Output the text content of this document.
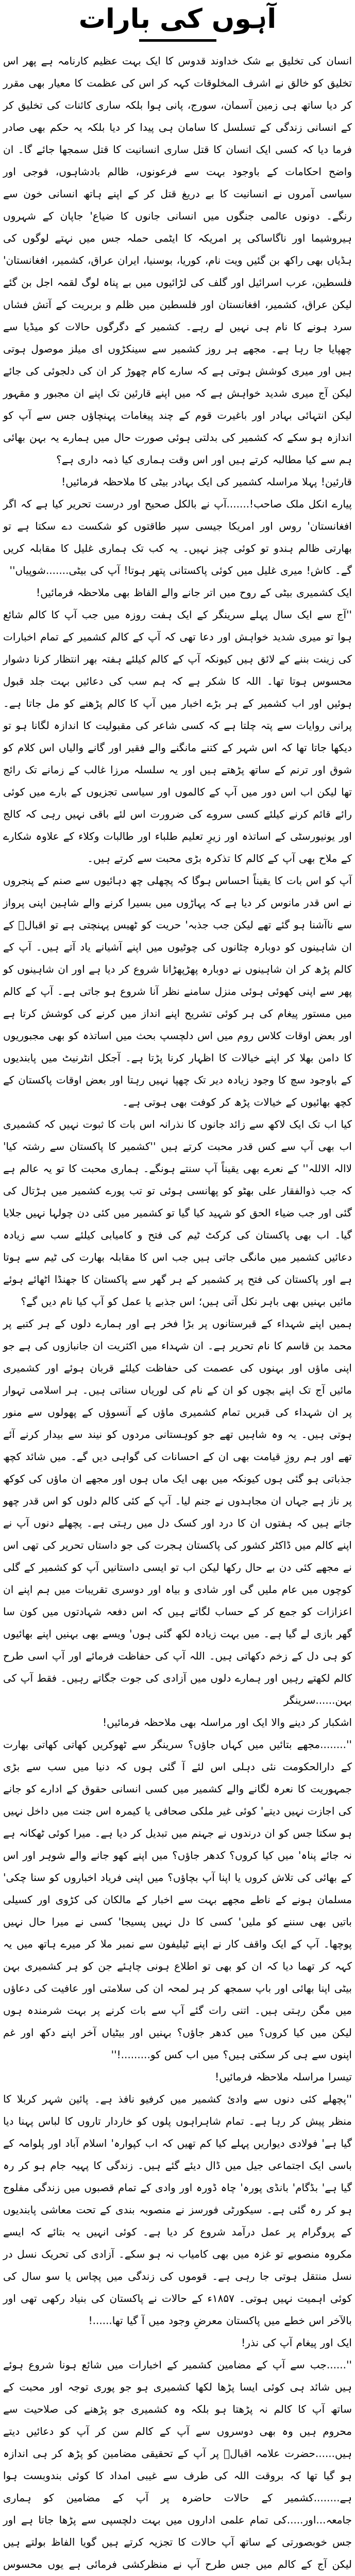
آہوں کی بارات

انسان کی تخلیق بے شک خداوند قدوس کا ایک بہت عظیم کارنامہ ہے پھر اس تخلیق کو خالق نے اشرف المخلوقات کہہ کر اس کی عظمت کا معیار بھی مقرر کر دیا ساتھ ہی زمین آسمان، سورج، پانی ہوا بلکہ ساری کائنات کی تخلیق کر کے انسانی زندگی کے تسلسل کا سامان ہی پیدا کر دیا بلکہ یہ حکم بھی صادر فرما دیا کہ کسی ایک انسان کا قتل ساری انسانیت کا قتل سمجھا جائے گا۔ ان واضح احکامات کے باوجود بہت سے فرعونوں، ظالم بادشاہوں، فوجی اور سیاسی آمروں نے انسانیت کا بے دریغ قتل کر کے اپنے ہاتھ انسانی خون سے رنگے۔ دونوں عالمی جنگوں میں انسانی جانوں کا ضیاع' جاپان کے شہروں ہیروشیما اور ناگاساکی پر امریکہ کا ایٹمی حملہ جس میں نہتے لوگوں کی ہڈیاں بھی راکھ بن گئیں ویت نام، کوریا، بوسنیا، ایران عراق، کشمیر، افغانستان' فلسطین، عرب اسرائیل اور گلف کی لڑائیوں میں بے پناہ لوگ لقمہ اجل بن گئے لیکن عراق، کشمیر، افغانستان اور فلسطین میں ظلم و بربریت کے آتش فشاں سرد ہونے کا نام ہی نہیں لے رہے۔ کشمیر کے دگرگوں حالات کو میڈیا سے چھپایا جا رہا ہے۔ مجھے ہر روز کشمیر سے سینکڑوں ای میلز موصول ہوتی ہیں اور میری کوشش ہوتی ہے کہ سارے کام چھوڑ کر ان کی دلجوئی کی جائے لیکن آج میری شدید خواہش ہے کہ میں اپنے قارئین تک اپنے ان مجبور و مقہور لیکن انتہائی بہادر اور باغیرت قوم کے چند پیغامات پہنچاؤں جس سے آپ کو اندازہ ہو سکے کہ کشمیر کی بدلتی ہوئی صورت حال میں ہمارے یہ بہن بھائی ہم سے کیا مطالبہ کرتے ہیں اور اس وقت ہماری کیا ذمہ داری ہے؟

قارئین! پہلا مراسلہ کشمیر کی ایک بہادر بیٹی کا ملاحظہ فرمائیں!

پیارے انکل ملک صاحب!.......آپ نے بالکل صحیح اور درست تحریر کیا ہے کہ اگر افغانستان' روس اور امریکا جیسی سپر طاقتوں کو شکست دے سکتا ہے تو بھارتی ظالم ہندو تو کوئی چیز نہیں۔ یہ کب تک ہماری غلیل کا مقابلہ کریں گے۔ کاش! میری غلیل میں کوئی پاکستانی پتھر ہوتا! آپ کی بیٹی.......شوپیاں''

ایک کشمیری بیٹی کے روح میں اتر جانے والے الفاظ بھی ملاحظہ فرمائیں!

''آج سے ایک سال پہلے سرینگر کے ایک ہفت روزہ میں جب آپ کا کالم شائع ہوا تو میری شدید خواہش اور دعا تھی کہ آپ کے کالم کشمیر کے تمام اخبارات کی زینت بننے کے لائق ہیں کیونکہ آپ کے کالم کیلئے ہفتہ بھر انتظار کرنا دشوار محسوس ہوتا تھا۔ اللہ کا شکر ہے کہ ہم سب کی دعائیں بہت جلد قبول ہوئیں اور اب کشمیر کے ہر بڑے اخبار میں آپ کا کالم پڑھنے کو مل جاتا ہے۔ پرانی روایات سے پتہ چلتا ہے کہ کسی شاعر کی مقبولیت کا اندازہ لگانا ہو تو دیکھا جاتا تھا کہ اس شہر کے کتنے مانگنے والے فقیر اور گانے والیاں اس کلام کو شوق اور ترنم کے ساتھ پڑھتے ہیں اور یہ سلسلہ مرزا غالب کے زمانے تک رائج تھا لیکن اب اس دور میں آپ کے کالموں اور سیاسی تجزیوں کے بارے میں کوئی رائے قائم کرنے کیلئے کسی سروے کی ضرورت اس لئے باقی نہیں رہی کہ کالج اور یونیورسٹی کے اساتذہ اور زیرِ تعلیم طلباء اور طالبات وکلاء کے علاوہ شکارے کے ملاح بھی آپ کے کالم کا تذکرہ بڑی محبت سے کرتے ہیں۔

آپ کو اس بات کا یقیناً احساس ہوگا کہ پچھلی چھ دہائیوں سے صنم کے پنجروں نے اس قدر مانوس کر دیا ہے کہ پہاڑوں میں بسیرا کرنے والے شاہین اپنی پرواز سے ناآشنا ہو گئے تھے لیکن جب جذبہ' حریت کو ٹھیس پہنچتی ہے تو اقبالؒ کے ان شاہینوں کو دوبارہ چٹانوں کی چوٹیوں میں اپنے آشیانے یاد آتے ہیں۔ آپ کے کالم پڑھ کر ان شاہینوں نے دوبارہ پھڑپھڑانا شروع کر دیا ہے اور ان شاہینوں کو پھر سے اپنی کھوئی ہوئی منزل سامنے نظر آنا شروع ہو جاتی ہے۔ آپ کے کالم میں مستور پیغام کی ہر کوئی تشریح اپنے انداز میں کرنے کی کوشش کرتا ہے اور بعض اوقات کلاس روم میں اس دلچسپ بحث میں اساتذہ کو بھی مجبوریوں کا دامن بھلا کر اپنے خیالات کا اظہار کرنا پڑتا ہے۔ آجکل انٹرنیٹ میں پابندیوں کے باوجود سچ کا وجود زیادہ دیر تک چھپا نہیں رہتا اور بعض اوقات پاکستان کے کچھ بھائیوں کے خیالات پڑھ کر کوفت بھی ہوتی ہے۔

کیا اب تک ایک لاکھ سے زائد جانوں کا نذرانہ اس بات کا ثبوت نہیں کہ کشمیری اب بھی آپ سے کس قدر محبت کرتے ہیں ''کشمیر کا پاکستان سے رشتہ کیا' لاالہ الاللہ'' کے نعرے بھی یقیناً آپ سنتے ہونگے۔ ہماری محبت کا تو یہ عالم ہے کہ جب ذوالفقار علی بھٹو کو پھانسی ہوئی تو تب پورے کشمیر میں ہڑتال کی گئی اور جب ضیاء الحق کو شہید کیا گیا تو کشمیر میں کئی دن چولہا نہیں جلایا گیا۔ اب بھی پاکستان کی کرکٹ ٹیم کی فتح و کامیابی کیلئے سب سے زیادہ دعائیں کشمیر میں مانگی جاتی ہیں جب اس کا مقابلہ بھارت کی ٹیم سے ہوتا ہے اور پاکستان کی فتح پر کشمیر کے ہر گھر سے پاکستان کا جھنڈا اٹھائے ہوئے مائیں بہنیں بھی باہر نکل آتی ہیں؛ اس جذبے یا عمل کو آپ کیا نام دیں گے؟

ہمیں اپنے شہداء کے قبرستانوں پر بڑا فخر ہے اور ہمارے دلوں کے ہر کتبے پر محمد بن قاسم کا نام تحریر ہے۔ ان شہداء میں اکثریت ان جانبازوں کی ہے جو اپنی ماؤں اور بہنوں کی عصمت کی حفاظت کیلئے قربان ہوئے اور کشمیری مائیں آج تک اپنے بچوں کو ان کے نام کی لوریاں سناتی ہیں۔ ہر اسلامی تہوار پر ان شہداء کی قبریں تمام کشمیری ماؤں کے آنسوؤں کے پھولوں سے منور ہوتی ہیں۔ یہ وہ شاہیں تھے جو کوہستانی مردوں کو نیند سے بیدار کرنے آئے تھے اور ہم روزِ قیامت بھی ان کے احسانات کی گواہی دیں گے۔ میں شائد کچھ جذباتی ہو گئی ہوں کیونکہ میں بھی ایک ماں ہوں اور مجھے ان ماؤں کی کوکھ پر ناز ہے جہاں ان مجاہدوں نے جنم لیا۔ آپ کے کئی کالم دلوں کو اس قدر چھو جاتے ہیں کہ ہفتوں ان کا درد اور کسک دل میں رہتی ہے۔ پچھلے دنوں آپ نے اپنے کالم میں ڈاکٹر کشور کی پاکستان ہجرت کی جو داستاں تحریر کی تھی اس نے مجھے کئی دن بے حال رکھا لیکن اب تو ایسی داستانیں آپ کو کشمیر کے گلی کوچوں میں عام ملیں گی اور شادی و بیاہ اور دوسری تقریبات میں ہم اپنے ان اعزازات کو جمع کر کے حساب لگاتے ہیں کہ اس دفعہ شہادتوں میں کون سا گھر بازی لے گیا ہے۔ میں بہت زیادہ لکھ گئی ہوں' ویسے بھی بہنیں اپنے بھائیوں کو ہی دل کے زخم دکھاتی ہیں۔ اللہ آپ کی حفاظت فرمائے اور آپ اسی طرح کالم لکھتے رہیں اور ہمارے دلوں میں آزادی کی جوت جگاتے رہیں۔ فقط آپ کی بہن......سرینگر

اشکبار کر دینے والا ایک اور مراسلہ بھی ملاحظہ فرمائیں!

''........مجھے بتائیں میں کہاں جاؤں؟ سرینگر سے ٹھوکریں کھاتی کھاتی بھارت کے دارالحکومت نئی دہلی اس لئے آ گئی ہوں کہ دنیا میں سب سے بڑی جمہوریت کا نعرہ لگانے والے کشمیر میں کسی انسانی حقوق کے ادارے کو جانے کی اجازت نہیں دیتے' کوئی غیر ملکی صحافی یا کیمرہ اس جنت میں داخل نہیں ہو سکتا جس کو ان درندوں نے جہنم میں تبدیل کر دیا ہے۔ میرا کوئی ٹھکانہ ہے نہ جائے پناہ' میں کیا کروں؟ کدھر جاؤں؟ میں اپنے کھو جانے والے شوہر اور اس کے بھائی کی تلاش کروں یا اپنا آپ بچاؤں؟ میں اپنی فریاد اخباروں کو سنا چکی' مسلمان ہونے کے ناطے مجھے بہت سے اخبار کے مالکان کی کڑوی اور کسیلی باتیں بھی سننے کو ملیں' کسی کا دل نہیں پسیجا' کسی نے میرا حال نہیں پوچھا۔ آپ کے ایک واقف کار نے اپنے ٹیلیفون سے نمبر ملا کر میرے ہاتھ میں یہ کہہ کر تھما دیا کہ ان کو بھی تو اطلاع ہونی چاہئے جن کو ہر کشمیری بہن بیٹی اپنا بھائی اور باپ سمجھ کر ہر لمحہ ان کی سلامتی اور عافیت کی دعاؤں میں مگن رہتی ہیں۔ اتنی رات گئے آپ سے بات کرنے پر بہت شرمندہ ہوں لیکن میں کیا کروں؟ میں کدھر جاؤں؟ بہنیں اور بیٹیاں آخر اپنے دکھ اور غم اپنوں سے ہی کر سکتی ہیں؟ میں اب کس کو.........!''

تیسرا مراسلہ ملاحظہ فرمائیں!

''پچھلے کئی دنوں سے وادیٔ کشمیر میں کرفیو نافذ ہے۔ پائین شہر کربلا کا منظر پیش کر رہا ہے۔ تمام شاہراہوں پلوں کو خاردار تاروں کا لباس پہنا دیا گیا ہے' فولادی دیواریں پہلے کیا کم تھیں کہ اب کپوارہ' اسلام آباد اور پلوامہ کے باسی ایک اجتماعی جیل میں ڈال دیئے گئے ہیں۔ زندگی کا پہیہ جام ہو کر رہ گیا ہے' بڈگام' بانڈی پورہ' چاہ ڈورہ اور وادی کے تمام قصبوں میں زندگی مفلوج ہو کر رہ گئی ہے۔ سیکورٹی فورسز نے منصوبہ بندی کے تحت معاشی پابندیوں کے پروگرام پر عمل درآمد شروع کر دیا ہے۔ کوئی انہیں یہ بتائے کہ ایسے مکروہ منصوبے تو غزہ میں بھی کامیاب نہ ہو سکے۔ آزادی کی تحریک نسل در نسل منتقل ہوتی جا رہی ہے۔ قوموں کی زندگی میں پچاس یا سو سال کی کوئی اہمیت نہیں ہوتی۔ ۱۸۵۷ء کے حالات نے پاکستان کی بنیاد رکھی تھی اور بالآخر اس خطے میں پاکستان معرضِ وجود میں آ گیا تھا......!

ایک اور پیغام آپ کی نذر!

''......جب سے آپ کے مضامین کشمیر کے اخبارات میں شائع ہونا شروع ہوئے ہیں شائد ہی کوئی ایسا پڑھا لکھا کشمیری ہو جو پوری توجہ اور محبت کے ساتھ آپ کا کالم نہ پڑھتا ہو بلکہ وہ کشمیری جو پڑھنے کی صلاحیت سے محروم ہیں وہ بھی دوسروں سے آپ کے کالم سن کر آپ کو دعائیں دیتے ہیں......حضرت علامہ اقبالؒ پر آپ کے تحقیقی مضامین کو پڑھ کر ہی اندازہ ہو گیا تھا کہ بروقت اللہ کی طرف سے غیبی امداد کا کوئی بندوبست ہوا ہے........کشمیر کے حالات حاضرہ پر آپ کے مضامین کو ہماری جامعہ...اور.....کی تمام علمی اداروں میں بہت دلچسپی سے پڑھا جاتا ہے اور جس خوبصورتی کے ساتھ آپ حالات کا تجزیہ کرتے ہیں گویا الفاظ بولتے ہیں لیکن آج کے کالم میں جس طرح آپ نے منظرکشی فرمائی ہے یوں محسوس
